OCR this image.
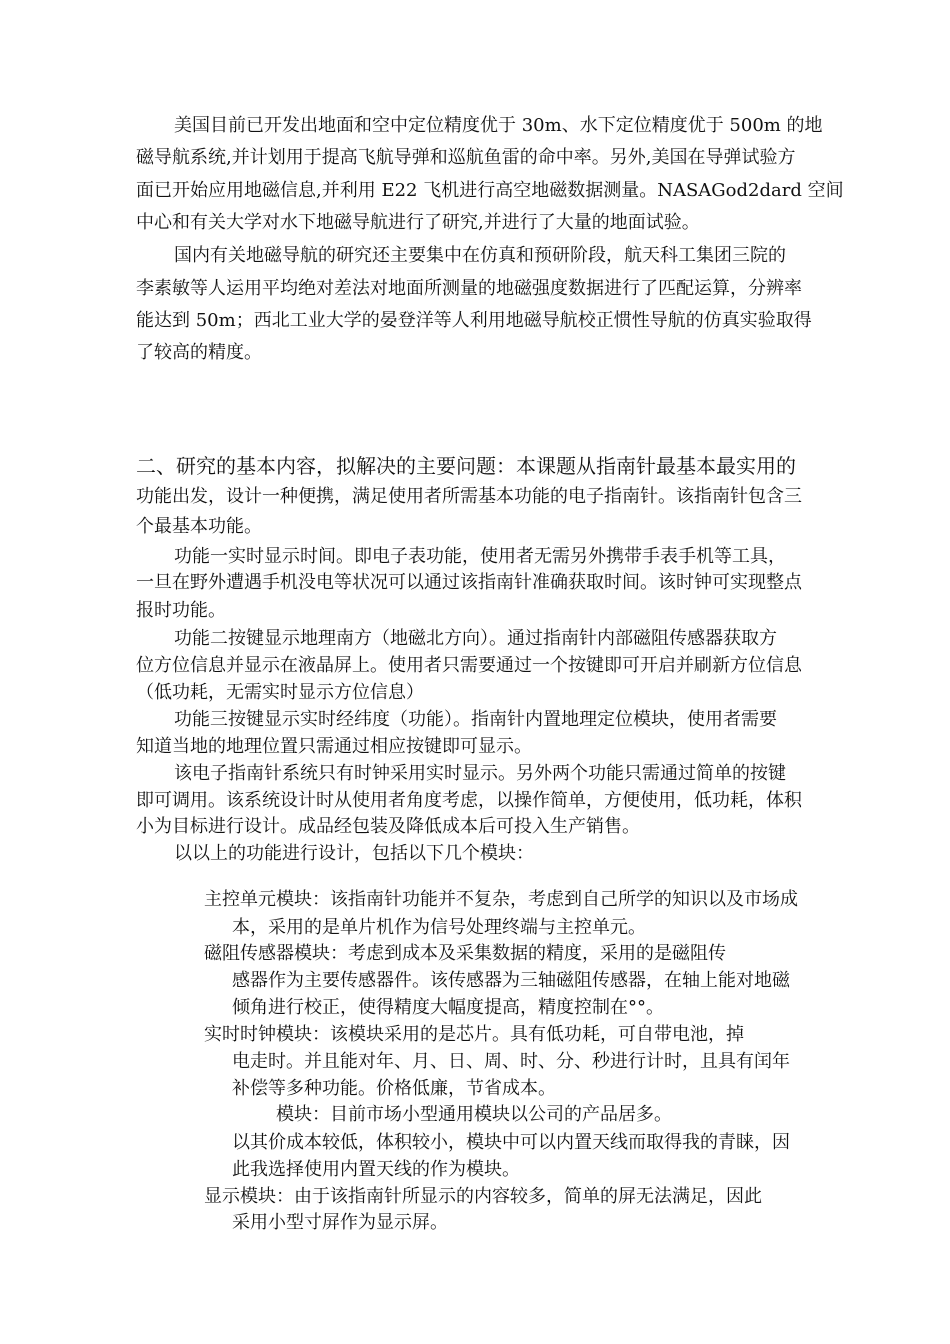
美国目前已开发出地面和空中定位精度优于 30m、水下定位精度优于 500m 的地
磁导航系统,并计划用于提高飞航导弹和巡航鱼雷的命中率。另外,美国在导弹试验方
面已开始应用地磁信息,并利用 E22 飞机进行高空地磁数据测量。NASAGod2dard 空间
中心和有关大学对水下地磁导航进行了研究,并进行了大量的地面试验。
国内有关地磁导航的研究还主要集中在仿真和预研阶段，航天科工集团三院的
李素敏等人运用平均绝对差法对地面所测量的地磁强度数据进行了匹配运算，分辨率
能达到 50m；西北工业大学的晏登洋等人利用地磁导航校正惯性导航的仿真实验取得
了较高的精度。
二、研究的基本内容，拟解决的主要问题：本课题从指南针最基本最实用的
功能出发，设计一种便携，满足使用者所需基本功能的电子指南针。该指南针包含三
个最基本功能。
功能一实时显示时间。即电子表功能，使用者无需另外携带手表手机等工具，
一旦在野外遭遇手机没电等状况可以通过该指南针准确获取时间。该时钟可实现整点
报时功能。
功能二按键显示地理南方（地磁北方向）。通过指南针内部磁阻传感器获取方
位方位信息并显示在液晶屏上。使用者只需要通过一个按键即可开启并刷新方位信息
（低功耗，无需实时显示方位信息）
功能三按键显示实时经纬度（功能）。指南针内置地理定位模块，使用者需要
知道当地的地理位置只需通过相应按键即可显示。
该电子指南针系统只有时钟采用实时显示。另外两个功能只需通过简单的按键
即可调用。该系统设计时从使用者角度考虑，以操作简单，方便使用，低功耗，体积
小为目标进行设计。成品经包装及降低成本后可投入生产销售。
以以上的功能进行设计，包括以下几个模块：
主控单元模块：该指南针功能并不复杂，考虑到自己所学的知识以及市场成
本，采用的是单片机作为信号处理终端与主控单元。
磁阻传感器模块：考虑到成本及采集数据的精度，采用的是磁阻传
感器作为主要传感器件。该传感器为三轴磁阻传感器，在轴上能对地磁
倾角进行校正，使得精度大幅度提高，精度控制在°°。
实时时钟模块：该模块采用的是芯片。具有低功耗，可自带电池，掉
电走时。并且能对年、月、日、周、时、分、秒进行计时，且具有闰年
补偿等多种功能。价格低廉，节省成本。
模块：目前市场小型通用模块以公司的产品居多。
以其价成本较低，体积较小，模块中可以内置天线而取得我的青睐，因
此我选择使用内置天线的作为模块。
显示模块：由于该指南针所显示的内容较多，简单的屏无法满足，因此
采用小型寸屏作为显示屏。
